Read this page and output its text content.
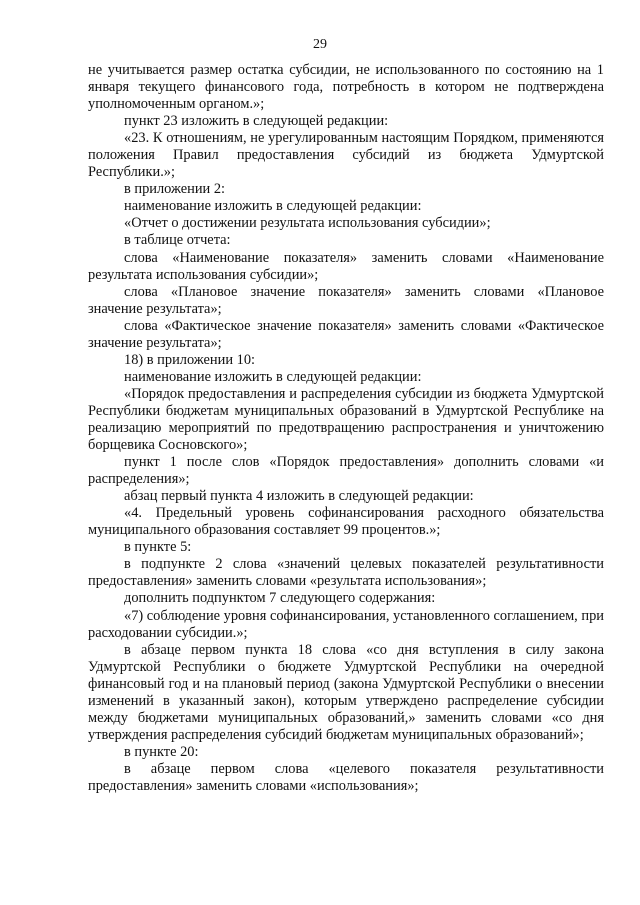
29

не учитывается размер остатка субсидии, не использованного по состоянию на 1 января текущего финансового года, потребность в котором не подтверждена уполномоченным органом.»;

пункт 23 изложить в следующей редакции:

«23. К отношениям, не урегулированным настоящим Порядком, применяются положения Правил предоставления субсидий из бюджета Удмуртской Республики.»;

в приложении 2:

наименование изложить в следующей редакции:

«Отчет о достижении результата использования субсидии»;

в таблице отчета:

слова «Наименование показателя» заменить словами «Наименование результата использования субсидии»;

слова «Плановое значение показателя» заменить словами «Плановое значение результата»;

слова «Фактическое значение показателя» заменить словами «Фактическое значение результата»;

18) в приложении 10:

наименование изложить в следующей редакции:

«Порядок предоставления и распределения субсидии из бюджета Удмуртской Республики бюджетам муниципальных образований в Удмуртской Республике на реализацию мероприятий по предотвращению распространения и уничтожению борщевика Сосновского»;

пункт 1 после слов «Порядок предоставления» дополнить словами «и распределения»;

абзац первый пункта 4 изложить в следующей редакции:

«4. Предельный уровень софинансирования расходного обязательства муниципального образования составляет 99 процентов.»;

в пункте 5:

в подпункте 2 слова «значений целевых показателей результативности предоставления» заменить словами «результата использования»;

дополнить подпунктом 7 следующего содержания:

«7) соблюдение уровня софинансирования, установленного соглашением, при расходовании субсидии.»;

в абзаце первом пункта 18 слова «со дня вступления в силу закона Удмуртской Республики о бюджете Удмуртской Республики на очередной финансовый год и на плановый период (закона Удмуртской Республики о внесении изменений в указанный закон), которым утверждено распределение субсидии между бюджетами муниципальных образований,» заменить словами «со дня утверждения распределения субсидий бюджетам муниципальных образований»;

в пункте 20:

в абзаце первом слова «целевого показателя результативности предоставления» заменить словами «использования»;
